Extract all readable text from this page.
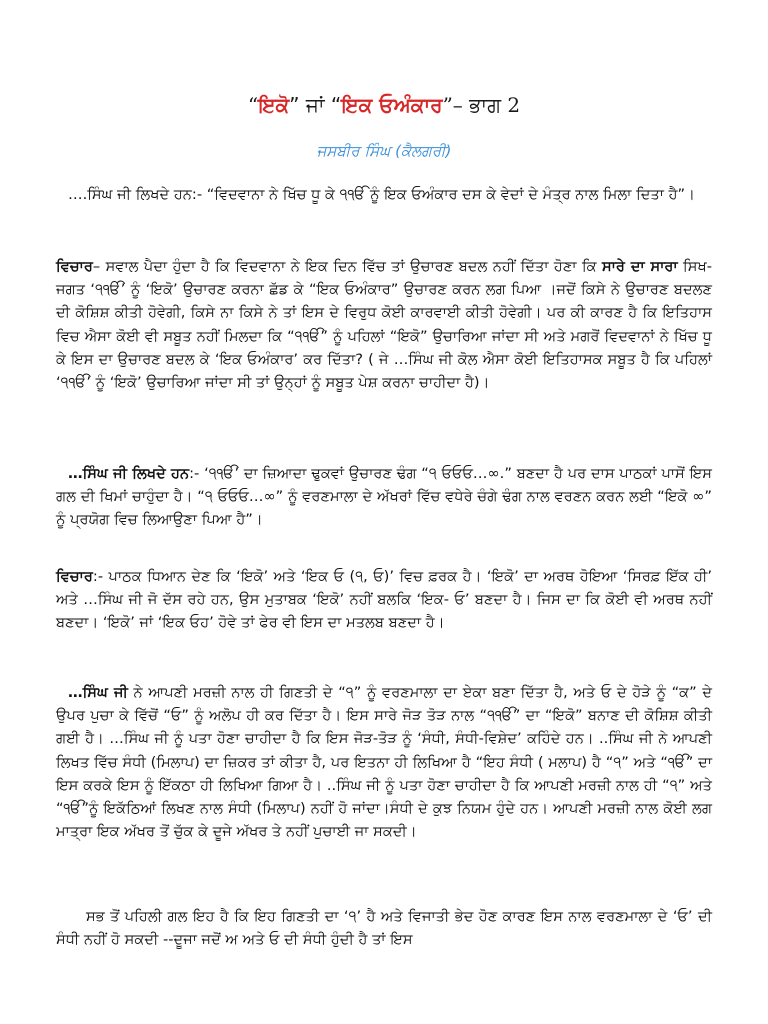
“ਇਕੋ” ਜਾਂ “ਇਕ ਓਅੰਕਾਰ”– ਭਾਗ 2
ਜਸਬੀਰ ਸਿੰਘ (ਕੈਲਗਰੀ)

….ਸਿੰਘ ਜੀ ਲਿਖਦੇ ਹਨ:- “ਵਿਦਵਾਨਾ ਨੇ ਖਿੱਚ ਧੂ ਕੇ ੧ੴ ਨੂੰ ਇਕ ਓਅੰਕਾਰ ਦਸ ਕੇ ਵੇਦਾਂ ਦੇ ਮੰਤ੍ਰ ਨਾਲ ਮਿਲਾ ਦਿਤਾ ਹੈ”।

ਵਿਚਾਰ– ਸਵਾਲ ਪੈਦਾ ਹੁੰਦਾ ਹੈ ਕਿ ਵਿਦਵਾਨਾ ਨੇ ਇਕ ਦਿਨ ਵਿੱਚ ਤਾਂ ਉਚਾਰਣ ਬਦਲ ਨਹੀਂ ਦਿੱਤਾ ਹੋਣਾ ਕਿ ਸਾਰੇ ਦਾ ਸਾਰਾ ਸਿਖ-ਜਗਤ ‘੧ੴ’ ਨੂੰ ‘ਇਕੋ’ ਉਚਾਰਣ ਕਰਨਾ ਛੱਡ ਕੇ “ਇਕ ਓਅੰਕਾਰ” ਉਚਾਰਣ ਕਰਨ ਲਗ ਪਿਆ ।ਜਦੋਂ ਕਿਸੇ ਨੇ ਉਚਾਰਣ ਬਦਲਣ ਦੀ ਕੋਸ਼ਿਸ਼ ਕੀਤੀ ਹੋਵੇਗੀ, ਕਿਸੇ ਨਾ ਕਿਸੇ ਨੇ ਤਾਂ ਇਸ ਦੇ ਵਿਰੁਧ ਕੋਈ ਕਾਰਵਾਈ ਕੀਤੀ ਹੋਵੇਗੀ। ਪਰ ਕੀ ਕਾਰਣ ਹੈ ਕਿ ਇਤਿਹਾਸ ਵਿਚ ਐਸਾ ਕੋਈ ਵੀ ਸਬੂਤ ਨਹੀਂ ਮਿਲਦਾ ਕਿ “੧ੴ” ਨੂੰ ਪਹਿਲਾਂ “ਇਕੋ” ਉਚਾਰਿਆ ਜਾਂਦਾ ਸੀ ਅਤੇ ਮਗਰੋਂ ਵਿਦਵਾਨਾਂ ਨੇ ਖਿੱਚ ਧੂ ਕੇ ਇਸ ਦਾ ਉਚਾਰਣ ਬਦਲ ਕੇ ‘ਇਕ ਓਅੰਕਾਰ’ ਕਰ ਦਿੱਤਾ? ( ਜੇ …ਸਿੰਘ ਜੀ ਕੋਲ ਐਸਾ ਕੋਈ ਇਤਿਹਾਸਕ ਸਬੂਤ ਹੈ ਕਿ ਪਹਿਲਾਂ ‘੧ੴ’ ਨੂੰ ‘ਇਕੋ’ ਉਚਾਰਿਆ ਜਾਂਦਾ ਸੀ ਤਾਂ ਉਨ੍ਹਾਂ ਨੂੰ ਸਬੂਤ ਪੇਸ਼ ਕਰਨਾ ਚਾਹੀਦਾ ਹੈ)।

…ਸਿੰਘ ਜੀ ਲਿਖਦੇ ਹਨ:- ‘੧ੴ’ ਦਾ ਜ਼ਿਆਦਾ ਢੁਕਵਾਂ ਉਚਾਰਣ ਢੰਗ “੧ ਓਓਓ…∞.” ਬਣਦਾ ਹੈ ਪਰ ਦਾਸ ਪਾਠਕਾਂ ਪਾਸੋਂ ਇਸ ਗਲ ਦੀ ਖਿਮਾਂ ਚਾਹੁੰਦਾ ਹੈ। “੧ ਓਓਓ…∞” ਨੂੰ ਵਰਣਮਾਲਾ ਦੇ ਅੱਖਰਾਂ ਵਿੱਚ ਵਧੇਰੇ ਚੰਗੇ ਢੰਗ ਨਾਲ ਵਰਣਨ ਕਰਨ ਲਈ “ਇਕੋ ∞” ਨੂੰ ਪ੍ਰਯੋਗ ਵਿਚ ਲਿਆਉਣਾ ਪਿਆ ਹੈ”।

ਵਿਚਾਰ:- ਪਾਠਕ ਧਿਆਨ ਦੇਣ ਕਿ ‘ਇਕੋ’ ਅਤੇ ‘ਇਕ ਓ (੧, ਓ)’ ਵਿਚ ਫ਼ਰਕ ਹੈ। ‘ਇਕੋ’ ਦਾ ਅਰਥ ਹੋਇਆ ‘ਸਿਰਫ਼ ਇੱਕ ਹੀ’ ਅਤੇ …ਸਿੰਘ ਜੀ ਜੋ ਦੱਸ ਰਹੇ ਹਨ, ਉਸ ਮੁਤਾਬਕ ‘ਇਕੋ’ ਨਹੀਂ ਬਲਕਿ ‘ਇਕ- ਓ’ ਬਣਦਾ ਹੈ। ਜਿਸ ਦਾ ਕਿ ਕੋਈ ਵੀ ਅਰਥ ਨਹੀਂ ਬਣਦਾ। ‘ਇਕੋ’ ਜਾਂ ‘ਇਕ ਓਹ’ ਹੋਵੇ ਤਾਂ ਫੇਰ ਵੀ ਇਸ ਦਾ ਮਤਲਬ ਬਣਦਾ ਹੈ।

…ਸਿੰਘ ਜੀ ਨੇ ਆਪਣੀ ਮਰਜ਼ੀ ਨਾਲ ਹੀ ਗਿਣਤੀ ਦੇ “੧” ਨੂੰ ਵਰਣਮਾਲਾ ਦਾ ਏਕਾ ਬਣਾ ਦਿੱਤਾ ਹੈ, ਅਤੇ ਓ ਦੇ ਹੋੜੇ ਨੂੰ “ਕ” ਦੇ ਉਪਰ ਪੁਚਾ ਕੇ ਵਿੱਚੋਂ “ਓ” ਨੂੰ ਅਲੋਪ ਹੀ ਕਰ ਦਿੱਤਾ ਹੈ। ਇਸ ਸਾਰੇ ਜੋੜ ਤੋੜ ਨਾਲ “੧ੴ” ਦਾ “ਇਕੋ” ਬਨਾਣ ਦੀ ਕੋਸ਼ਿਸ਼ ਕੀਤੀ ਗਈ ਹੈ। …ਸਿੰਘ ਜੀ ਨੂੰ ਪਤਾ ਹੋਣਾ ਚਾਹੀਦਾ ਹੈ ਕਿ ਇਸ ਜੋੜ-ਤੋੜ ਨੂੰ ‘ਸੰਧੀ, ਸੰਧੀ-ਵਿਸ਼ੇਦ’ ਕਹਿੰਦੇ ਹਨ। ..ਸਿੰਘ ਜੀ ਨੇ ਆਪਣੀ ਲਿਖਤ ਵਿੱਚ ਸੰਧੀ (ਮਿਲਾਪ) ਦਾ ਜ਼ਿਕਰ ਤਾਂ ਕੀਤਾ ਹੈ, ਪਰ ਇਤਨਾ ਹੀ ਲਿਖਿਆ ਹੈ “ਇਹ ਸੰਧੀ ( ਮਲਾਪ) ਹੈ “੧” ਅਤੇ “ੴ” ਦਾ ਇਸ ਕਰਕੇ ਇਸ ਨੂੰ ਇੱਕਠਾ ਹੀ ਲਿਖਿਆ ਗਿਆ ਹੈ। ..ਸਿੰਘ ਜੀ ਨੂੰ ਪਤਾ ਹੋਣਾ ਚਾਹੀਦਾ ਹੈ ਕਿ ਆਪਣੀ ਮਰਜ਼ੀ ਨਾਲ ਹੀ “੧” ਅਤੇ “ੴ”ਨੂੰ ਇਕੱਠਿਆਂ ਲਿਖਣ ਨਾਲ ਸੰਧੀ (ਮਿਲਾਪ) ਨਹੀਂ ਹੋ ਜਾਂਦਾ।ਸੰਧੀ ਦੇ ਕੁਝ ਨਿਯਮ ਹੁੰਦੇ ਹਨ। ਆਪਣੀ ਮਰਜ਼ੀ ਨਾਲ ਕੋਈ ਲਗ ਮਾਤ੍ਰਾ ਇਕ ਅੱਖਰ ਤੋਂ ਚੁੱਕ ਕੇ ਦੂਜੇ ਅੱਖਰ ਤੇ ਨਹੀਂ ਪੁਚਾਈ ਜਾ ਸਕਦੀ।

ਸਭ ਤੋਂ ਪਹਿਲੀ ਗਲ ਇਹ ਹੈ ਕਿ ਇਹ ਗਿਣਤੀ ਦਾ ‘੧’ ਹੈ ਅਤੇ ਵਿਜਾਤੀ ਭੇਦ ਹੋਣ ਕਾਰਣ ਇਸ ਨਾਲ ਵਰਣਮਾਲਾ ਦੇ ‘ਓ’ ਦੀ ਸੰਧੀ ਨਹੀਂ ਹੋ ਸਕਦੀ --ਦੂਜਾ ਜਦੋਂ ਅ ਅਤੇ ਓ ਦੀ ਸੰਧੀ ਹੁੰਦੀ ਹੈ ਤਾਂ ਇਸ
